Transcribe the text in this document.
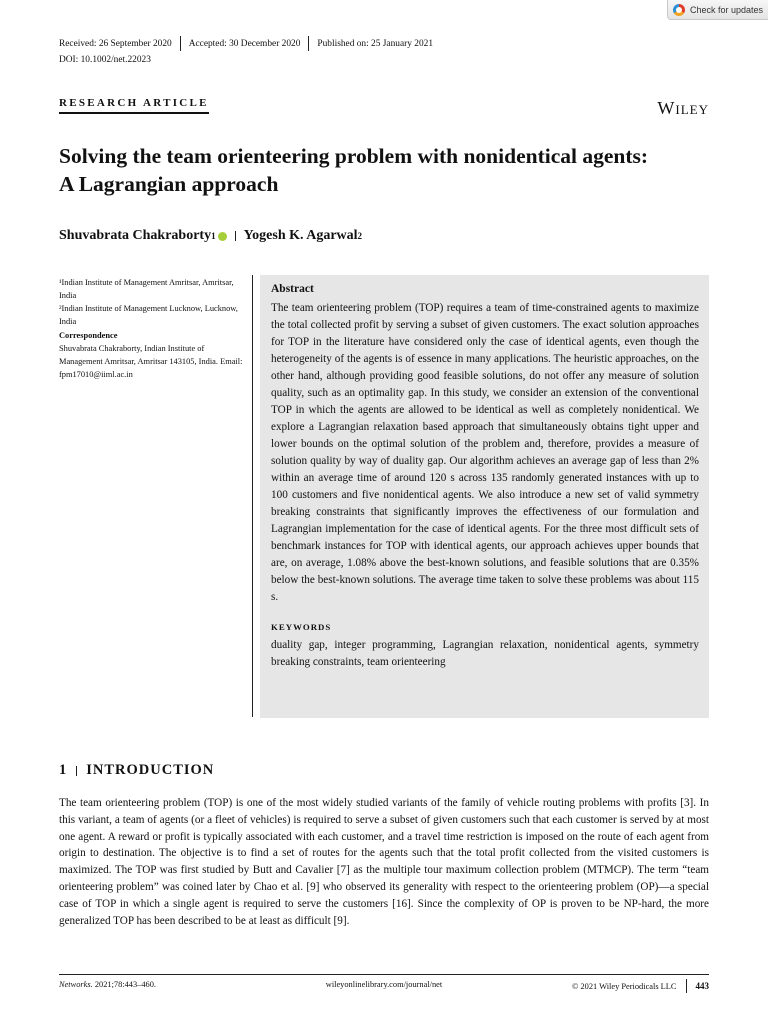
Check for updates
Received: 26 September 2020 Accepted: 30 December 2020 Published on: 25 January 2021
DOI: 10.1002/net.22023
RESEARCH ARTICLE	Wiley
Solving the team orienteering problem with nonidentical agents:
A Lagrangian approach
Shuvabrata Chakraborty 1 Yogesh K. Agarwal 2

¹Indian Institute of Management Amritsar, Amritsar, India

²Indian Institute of Management Lucknow, Lucknow, India

Correspondence

Shuvabrata Chakraborty, Indian Institute of Management Amritsar, Amritsar 143105, India. Email: fpm17010@iiml.ac.in

Abstract
The team orienteering problem (TOP) requires a team of time-constrained agents to maximize the total collected profit by serving a subset of given customers. The exact solution approaches for TOP in the literature have considered only the case of identical agents, even though the heterogeneity of the agents is of essence in many applications. The heuristic approaches, on the other hand, although providing good feasible solutions, do not offer any measure of solution quality, such as an optimality gap. In this study, we consider an extension of the conventional TOP in which the agents are allowed to be identical as well as completely nonidentical. We explore a Lagrangian relaxation based approach that simultaneously obtains tight upper and lower bounds on the optimal solution of the problem and, therefore, provides a measure of solution quality by way of duality gap. Our algorithm achieves an average gap of less than 2% within an average time of around 120 s across 135 randomly generated instances with up to 100 customers and five nonidentical agents. We also introduce a new set of valid symmetry breaking constraints that significantly improves the effectiveness of our formulation and Lagrangian implementation for the case of identical agents. For the three most difficult sets of benchmark instances for TOP with identical agents, our approach achieves upper bounds that are, on average, 1.08% above the best-known solutions, and feasible solutions that are 0.35% below the best-known solutions. The average time taken to solve these problems was about 115 s.
KEYWORDS
duality gap, integer programming, Lagrangian relaxation, nonidentical agents, symmetry breaking constraints, team orienteering
1 INTRODUCTION
The team orienteering problem (TOP) is one of the most widely studied variants of the family of vehicle routing problems with profits [3]. In this variant, a team of agents (or a fleet of vehicles) is required to serve a subset of given customers such that each customer is served by at most one agent. A reward or profit is typically associated with each customer, and a travel time restriction is imposed on the route of each agent from origin to destination. The objective is to find a set of routes for the agents such that the total profit collected from the visited customers is maximized. The TOP was first studied by Butt and Cavalier [7] as the multiple tour maximum collection problem (MTMCP). The term “team orienteering problem” was coined later by Chao et al. [9] who observed its generality with respect to the orienteering problem (OP)—a special case of TOP in which a single agent is required to serve the customers [16]. Since the complexity of OP is proven to be NP-hard, the more generalized TOP has been described to be at least as difficult [9].
Networks. 2021;78:443–460.	wileyonlinelibrary.com/journal/net	© 2021 Wiley Periodicals LLC 443
